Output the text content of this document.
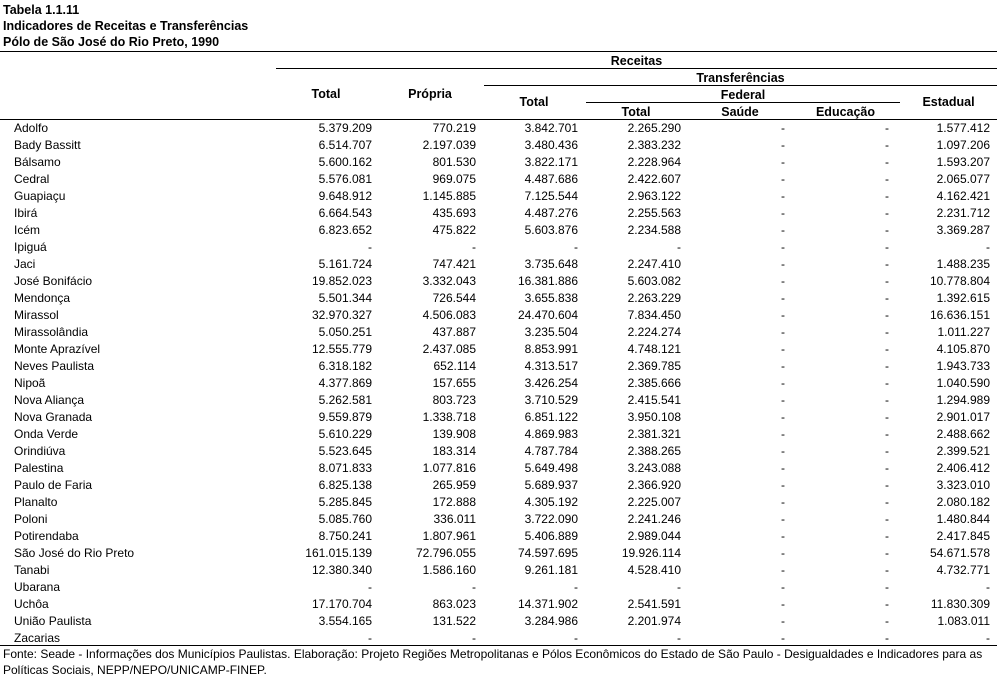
Tabela 1.1.11
Indicadores de Receitas e Transferências
Pólo de São José do Rio Preto, 1990
Receitas
Transferências
Federal
Total	Própria
Total
Total	Saúde	Educação
Estadual
Adolfo	5.379.209	770.219	3.842.701	2.265.290	-	-	1.577.412
Bady Bassitt	6.514.707	2.197.039	3.480.436	2.383.232	-	-	1.097.206
Bálsamo	5.600.162	801.530	3.822.171	2.228.964	-	-	1.593.207
Cedral	5.576.081	969.075	4.487.686	2.422.607	-	-	2.065.077
Guapiaçu	9.648.912	1.145.885	7.125.544	2.963.122	-	-	4.162.421
Ibirá	6.664.543	435.693	4.487.276	2.255.563	-	-	2.231.712
Icém	6.823.652	475.822	5.603.876	2.234.588	-	-	3.369.287
Ipiguá	-	-	-	-	-	-	-
Jaci	5.161.724	747.421	3.735.648	2.247.410	-	-	1.488.235
José Bonifácio	19.852.023	3.332.043	16.381.886	5.603.082	-	-	10.778.804
Mendonça	5.501.344	726.544	3.655.838	2.263.229	-	-	1.392.615
Mirassol	32.970.327	4.506.083	24.470.604	7.834.450	-	-	16.636.151
Mirassolândia	5.050.251	437.887	3.235.504	2.224.274	-	-	1.011.227
Monte Aprazível	12.555.779	2.437.085	8.853.991	4.748.121	-	-	4.105.870
Neves Paulista	6.318.182	652.114	4.313.517	2.369.785	-	-	1.943.733
Nipoã	4.377.869	157.655	3.426.254	2.385.666	-	-	1.040.590
Nova Aliança	5.262.581	803.723	3.710.529	2.415.541	-	-	1.294.989
Nova Granada	9.559.879	1.338.718	6.851.122	3.950.108	-	-	2.901.017
Onda Verde	5.610.229	139.908	4.869.983	2.381.321	-	-	2.488.662
Orindiúva	5.523.645	183.314	4.787.784	2.388.265	-	-	2.399.521
Palestina	8.071.833	1.077.816	5.649.498	3.243.088	-	-	2.406.412
Paulo de Faria	6.825.138	265.959	5.689.937	2.366.920	-	-	3.323.010
Planalto	5.285.845	172.888	4.305.192	2.225.007	-	-	2.080.182
Poloni	5.085.760	336.011	3.722.090	2.241.246	-	-	1.480.844
Potirendaba	8.750.241	1.807.961	5.406.889	2.989.044	-	-	2.417.845
São José do Rio Preto	161.015.139	72.796.055	74.597.695	19.926.114	-	-	54.671.578
Tanabi	12.380.340	1.586.160	9.261.181	4.528.410	-	-	4.732.771
Ubarana	-	-	-	-	-	-	-
Uchôa	17.170.704	863.023	14.371.902	2.541.591	-	-	11.830.309
União Paulista	3.554.165	131.522	3.284.986	2.201.974	-	-	1.083.011
Zacarias	-	-	-	-	-	-	-
Fonte: Seade - Informações dos Municípios Paulistas. Elaboração: Projeto Regiões Metropolitanas e Pólos Econômicos do Estado de São Paulo - Desigualdades e Indicadores para as Políticas Sociais, NEPP/NEPO/UNICAMP-FINEP.
